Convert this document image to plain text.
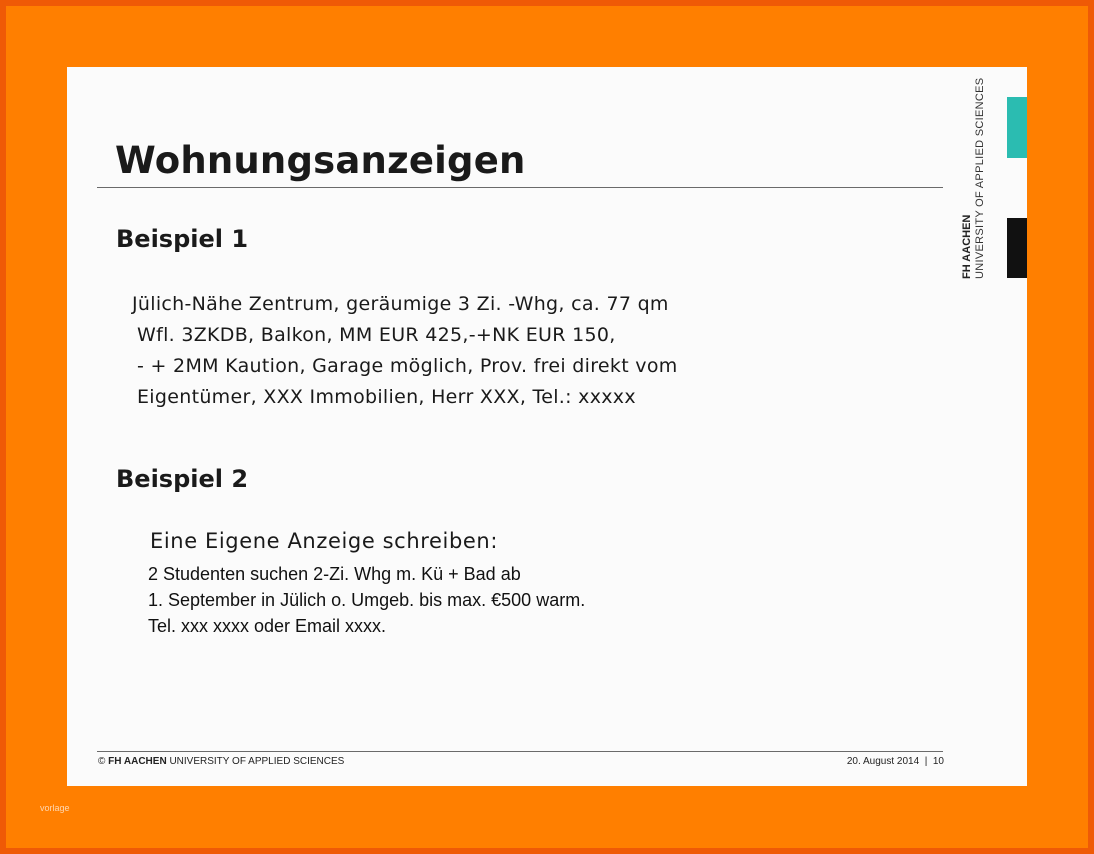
Wohnungsanzeigen
Beispiel 1
Jülich-Nähe Zentrum, geräumige 3 Zi. -Whg, ca. 77 qm
Wfl. 3ZKDB, Balkon, MM EUR 425,-+NK EUR 150,
- + 2MM Kaution, Garage möglich, Prov. frei direkt vom
Eigentümer, XXX Immobilien, Herr XXX, Tel.: xxxxx
Beispiel 2
Eine Eigene Anzeige schreiben:
2 Studenten suchen 2-Zi. Whg m. Kü + Bad ab
1. September in Jülich o. Umgeb. bis max. €500 warm.
Tel. xxx xxxx oder Email xxxx.
FH AACHEN UNIVERSITY OF APPLIED SCIENCES
© FH AACHEN UNIVERSITY OF APPLIED SCIENCES	20. August 2014 | 10
vorlage
